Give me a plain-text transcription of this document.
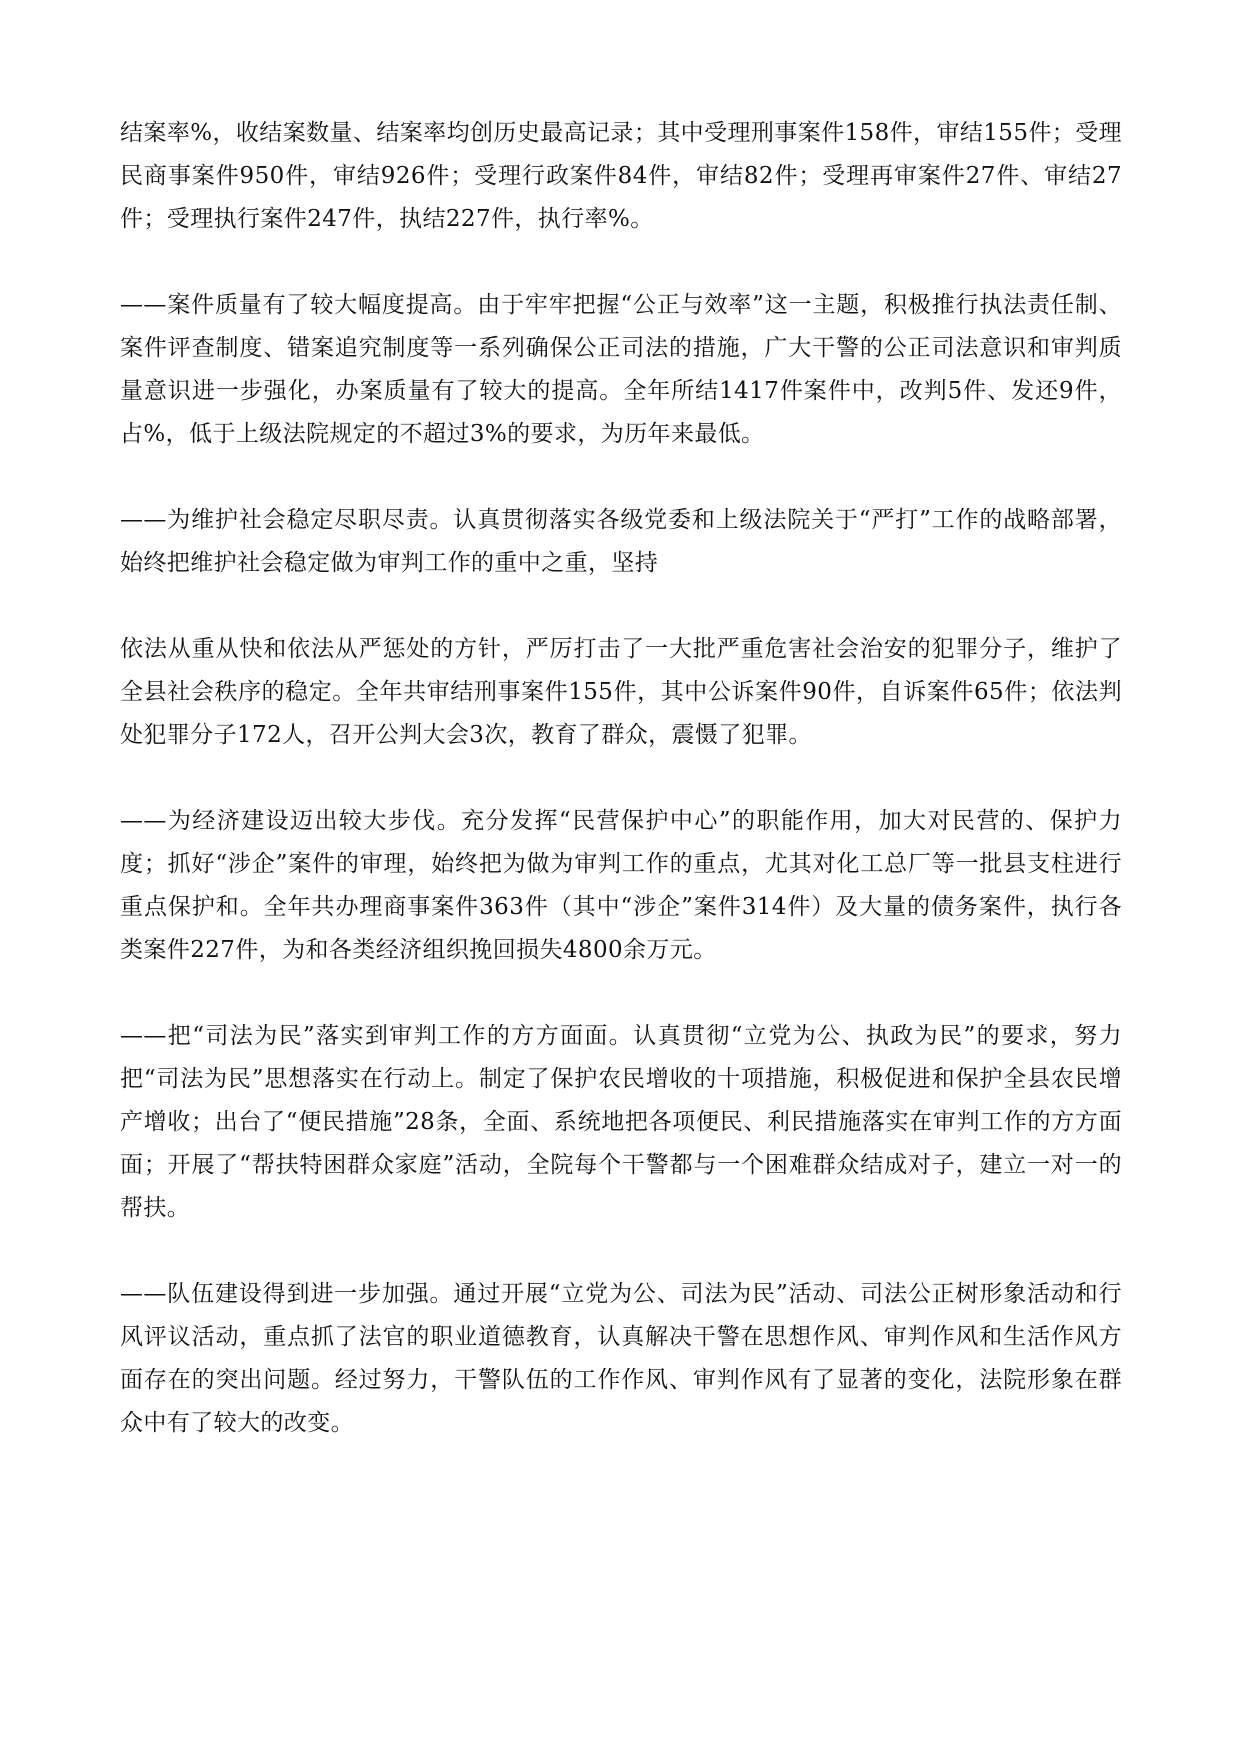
结案率%，收结案数量、结案率均创历史最高记录；其中受理刑事案件158件，审结155件；受理民商事案件950件，审结926件；受理行政案件84件，审结82件；受理再审案件27件、审结27件；受理执行案件247件，执结227件，执行率%。

——案件质量有了较大幅度提高。由于牢牢把握“公正与效率”这一主题，积极推行执法责任制、案件评查制度、错案追究制度等一系列确保公正司法的措施，广大干警的公正司法意识和审判质量意识进一步强化，办案质量有了较大的提高。全年所结1417件案件中，改判5件、发还9件，占%，低于上级法院规定的不超过3%的要求，为历年来最低。

——为维护社会稳定尽职尽责。认真贯彻落实各级党委和上级法院关于“严打”工作的战略部署，始终把维护社会稳定做为审判工作的重中之重，坚持

依法从重从快和依法从严惩处的方针，严厉打击了一大批严重危害社会治安的犯罪分子，维护了全县社会秩序的稳定。全年共审结刑事案件155件，其中公诉案件90件，自诉案件65件；依法判处犯罪分子172人，召开公判大会3次，教育了群众，震慑了犯罪。

——为经济建设迈出较大步伐。充分发挥“民营保护中心”的职能作用，加大对民营的、保护力度；抓好“涉企”案件的审理，始终把为做为审判工作的重点，尤其对化工总厂等一批县支柱进行重点保护和。全年共办理商事案件363件（其中“涉企”案件314件）及大量的债务案件，执行各类案件227件，为和各类经济组织挽回损失4800余万元。

——把“司法为民”落实到审判工作的方方面面。认真贯彻“立党为公、执政为民”的要求，努力把“司法为民”思想落实在行动上。制定了保护农民增收的十项措施，积极促进和保护全县农民增产增收；出台了“便民措施”28条，全面、系统地把各项便民、利民措施落实在审判工作的方方面面；开展了“帮扶特困群众家庭”活动，全院每个干警都与一个困难群众结成对子，建立一对一的帮扶。

——队伍建设得到进一步加强。通过开展“立党为公、司法为民”活动、司法公正树形象活动和行风评议活动，重点抓了法官的职业道德教育，认真解决干警在思想作风、审判作风和生活作风方面存在的突出问题。经过努力，干警队伍的工作作风、审判作风有了显著的变化，法院形象在群众中有了较大的改变。
